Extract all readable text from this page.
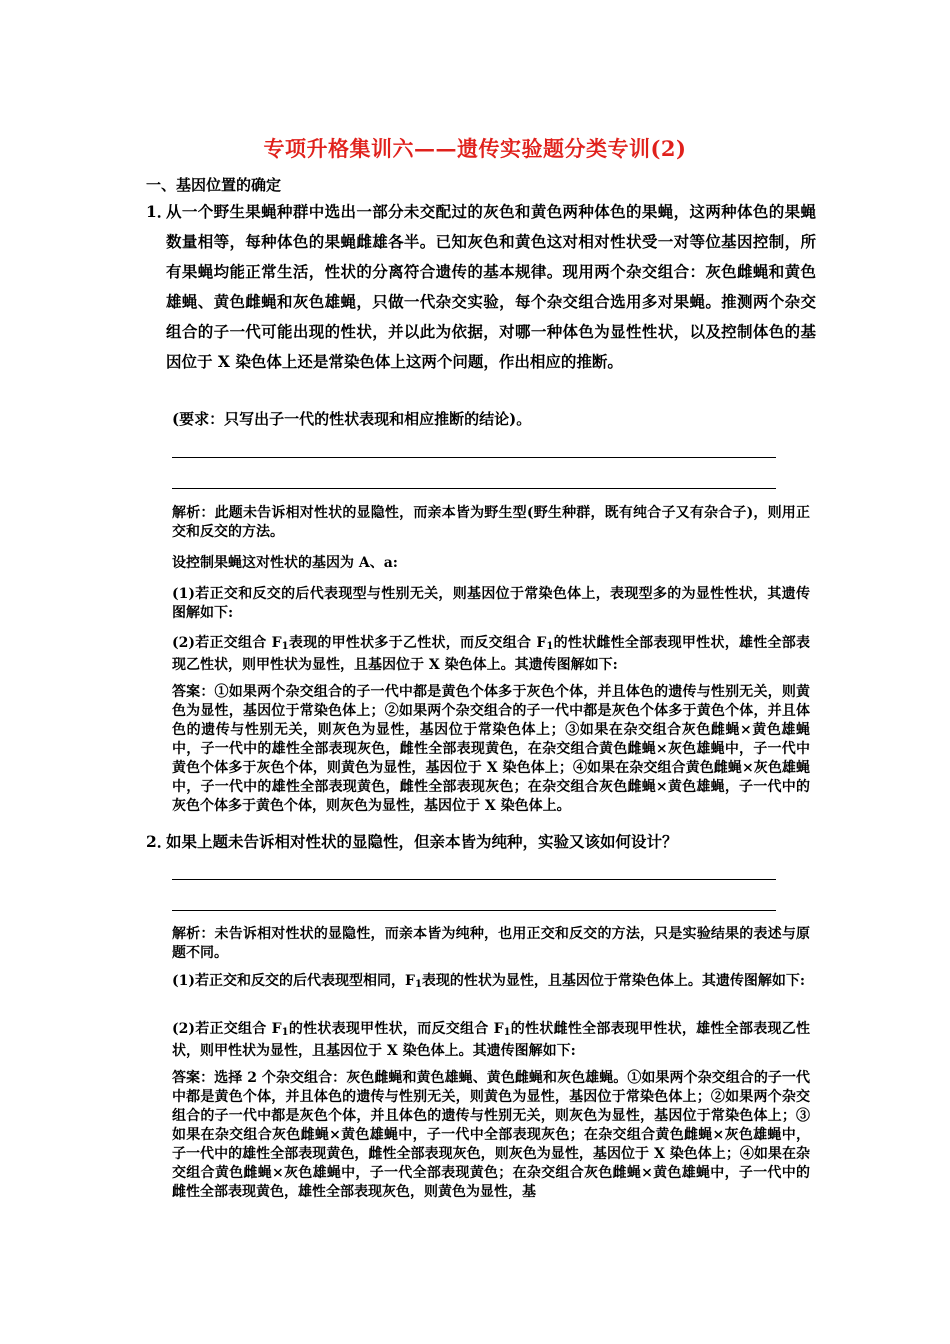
专项升格集训六——遗传实验题分类专训(2)
一、基因位置的确定
1．
从一个野生果蝇种群中选出一部分未交配过的灰色和黄色两种体色的果蝇，这两种体色的果蝇数量相等，每种体色的果蝇雌雄各半。已知灰色和黄色这对相对性状受一对等位基因控制，所有果蝇均能正常生活，性状的分离符合遗传的基本规律。现用两个杂交组合：灰色雌蝇和黄色雄蝇、黄色雌蝇和灰色雄蝇，只做一代杂交实验，每个杂交组合选用多对果蝇。推测两个杂交组合的子一代可能出现的性状，并以此为依据，对哪一种体色为显性性状，以及控制体色的基因位于 X 染色体上还是常染色体上这两个问题，作出相应的推断。
(要求：只写出子一代的性状表现和相应推断的结论)。

解析：此题未告诉相对性状的显隐性，而亲本皆为野生型(野生种群，既有纯合子又有杂合子)，则用正交和反交的方法。

设控制果蝇这对性状的基因为 A、a:

(1)若正交和反交的后代表现型与性别无关，则基因位于常染色体上，表现型多的为显性性状，其遗传图解如下:

(2)若正交组合 F1表现的甲性状多于乙性状，而反交组合 F1的性状雌性全部表现甲性状，雄性全部表现乙性状，则甲性状为显性，且基因位于 X 染色体上。其遗传图解如下:

答案：①如果两个杂交组合的子一代中都是黄色个体多于灰色个体，并且体色的遗传与性别无关，则黄色为显性，基因位于常染色体上；②如果两个杂交组合的子一代中都是灰色个体多于黄色个体，并且体色的遗传与性别无关，则灰色为显性，基因位于常染色体上；③如果在杂交组合灰色雌蝇×黄色雄蝇中，子一代中的雄性全部表现灰色，雌性全部表现黄色，在杂交组合黄色雌蝇×灰色雄蝇中，子一代中黄色个体多于灰色个体，则黄色为显性，基因位于 X 染色体上；④如果在杂交组合黄色雌蝇×灰色雄蝇中，子一代中的雄性全部表现黄色，雌性全部表现灰色；在杂交组合灰色雌蝇×黄色雄蝇，子一代中的灰色个体多于黄色个体，则灰色为显性，基因位于 X 染色体上。

2．
如果上题未告诉相对性状的显隐性，但亲本皆为纯种，实验又该如何设计？

解析：未告诉相对性状的显隐性，而亲本皆为纯种，也用正交和反交的方法，只是实验结果的表述与原题不同。

(1)若正交和反交的后代表现型相同，F1表现的性状为显性，且基因位于常染色体上。其遗传图解如下:

(2)若正交组合 F1的性状表现甲性状，而反交组合 F1的性状雌性全部表现甲性状，雄性全部表现乙性状，则甲性状为显性，且基因位于 X 染色体上。其遗传图解如下:

答案：选择 2 个杂交组合：灰色雌蝇和黄色雄蝇、黄色雌蝇和灰色雄蝇。①如果两个杂交组合的子一代中都是黄色个体，并且体色的遗传与性别无关，则黄色为显性，基因位于常染色体上；②如果两个杂交组合的子一代中都是灰色个体，并且体色的遗传与性别无关，则灰色为显性，基因位于常染色体上；③如果在杂交组合灰色雌蝇×黄色雄蝇中，子一代中全部表现灰色；在杂交组合黄色雌蝇×灰色雄蝇中，子一代中的雄性全部表现黄色，雌性全部表现灰色，则灰色为显性，基因位于 X 染色体上；④如果在杂交组合黄色雌蝇×灰色雄蝇中，子一代全部表现黄色；在杂交组合灰色雌蝇×黄色雄蝇中，子一代中的雌性全部表现黄色，雄性全部表现灰色，则黄色为显性，基
